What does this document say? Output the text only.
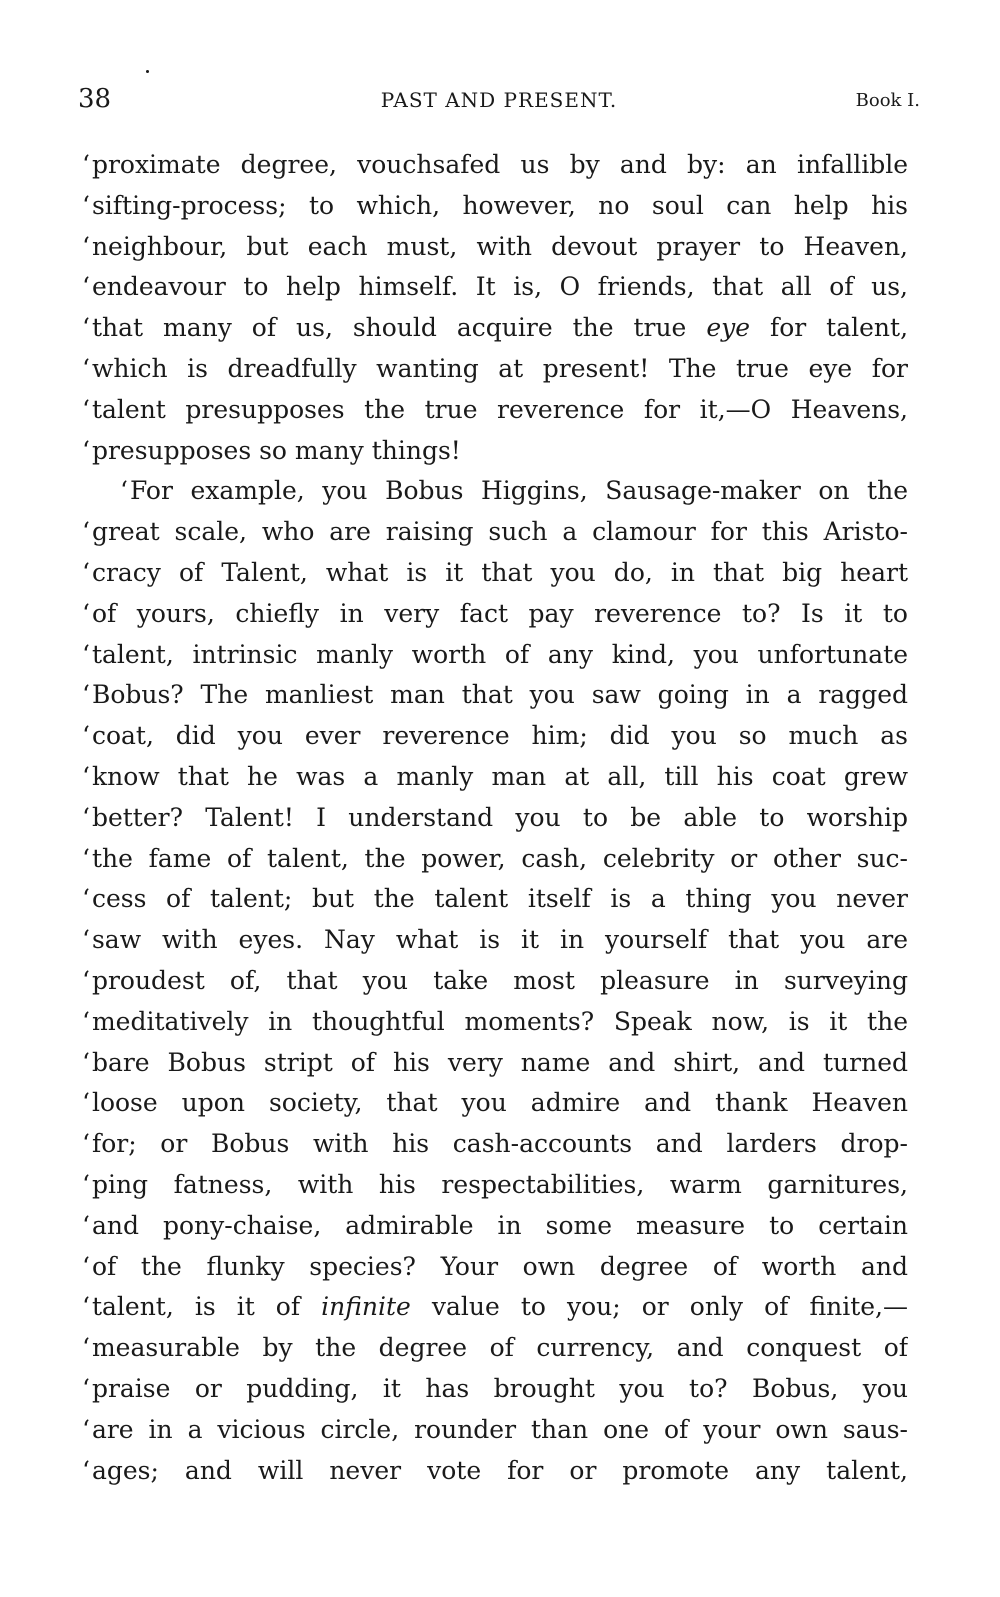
38	PAST AND PRESENT.	Book I.
‘proximate degree, vouchsafed us by and by: an infallible
‘sifting-process; to which, however, no soul can help his
‘neighbour, but each must, with devout prayer to Heaven,
‘endeavour to help himself. It is, O friends, that all of us,
‘that many of us, should acquire the true eye for talent,
‘which is dreadfully wanting at present! The true eye for
‘talent presupposes the true reverence for it,—O Heavens,
‘presupposes so many things!
‘For example, you Bobus Higgins, Sausage-maker on the
‘great scale, who are raising such a clamour for this Aristo-
‘cracy of Talent, what is it that you do, in that big heart
‘of yours, chiefly in very fact pay reverence to? Is it to
‘talent, intrinsic manly worth of any kind, you unfortunate
‘Bobus? The manliest man that you saw going in a ragged
‘coat, did you ever reverence him; did you so much as
‘know that he was a manly man at all, till his coat grew
‘better? Talent! I understand you to be able to worship
‘the fame of talent, the power, cash, celebrity or other suc-
‘cess of talent; but the talent itself is a thing you never
‘saw with eyes. Nay what is it in yourself that you are
‘proudest of, that you take most pleasure in surveying
‘meditatively in thoughtful moments? Speak now, is it the
‘bare Bobus stript of his very name and shirt, and turned
‘loose upon society, that you admire and thank Heaven
‘for; or Bobus with his cash-accounts and larders drop-
‘ping fatness, with his respectabilities, warm garnitures,
‘and pony-chaise, admirable in some measure to certain
‘of the flunky species? Your own degree of worth and
‘talent, is it of infinite value to you; or only of finite,—
‘measurable by the degree of currency, and conquest of
‘praise or pudding, it has brought you to? Bobus, you
‘are in a vicious circle, rounder than one of your own saus-
‘ages; and will never vote for or promote any talent,
